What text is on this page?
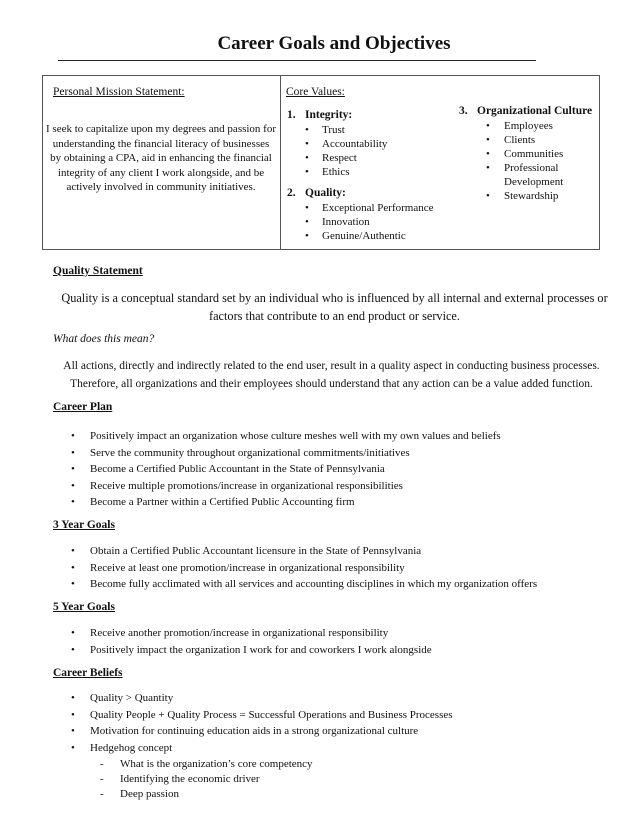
Career Goals and Objectives
Personal Mission Statement:
I seek to capitalize upon my degrees and passion for understanding the financial literacy of businesses by obtaining a CPA, aid in enhancing the financial integrity of any client I work alongside, and be actively involved in community initiatives.
Core Values:
1. Integrity:
• Trust
• Accountability
• Respect
• Ethics
2. Quality:
• Exceptional Performance
• Innovation
• Genuine/Authentic
3. Organizational Culture
• Employees
• Clients
• Communities
• Professional Development
• Stewardship
Quality Statement
Quality is a conceptual standard set by an individual who is influenced by all internal and external processes or factors that contribute to an end product or service.
What does this mean?
All actions, directly and indirectly related to the end user, result in a quality aspect in conducting business processes. Therefore, all organizations and their employees should understand that any action can be a value added function.
Career Plan
• Positively impact an organization whose culture meshes well with my own values and beliefs
• Serve the community throughout organizational commitments/initiatives
• Become a Certified Public Accountant in the State of Pennsylvania
• Receive multiple promotions/increase in organizational responsibilities
• Become a Partner within a Certified Public Accounting firm
3 Year Goals
• Obtain a Certified Public Accountant licensure in the State of Pennsylvania
• Receive at least one promotion/increase in organizational responsibility
• Become fully acclimated with all services and accounting disciplines in which my organization offers
5 Year Goals
• Receive another promotion/increase in organizational responsibility
• Positively impact the organization I work for and coworkers I work alongside
Career Beliefs
• Quality > Quantity
• Quality People + Quality Process = Successful Operations and Business Processes
• Motivation for continuing education aids in a strong organizational culture
• Hedgehog concept
- What is the organization’s core competency
- Identifying the economic driver
- Deep passion
